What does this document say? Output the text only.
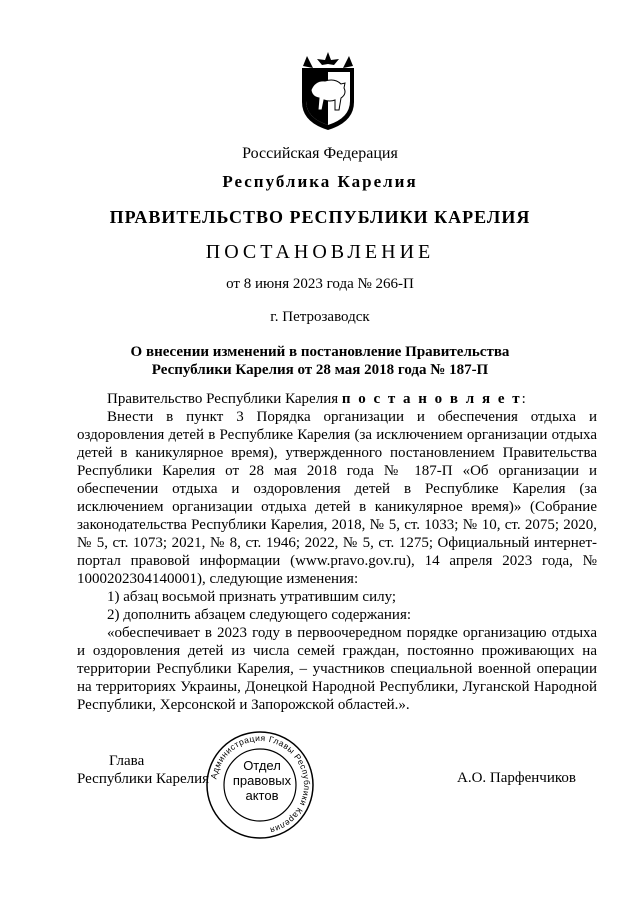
Российская Федерация
Республика Карелия
ПРАВИТЕЛЬСТВО РЕСПУБЛИКИ КАРЕЛИЯ
ПОСТАНОВЛЕНИЕ
от 8 июня 2023 года № 266-П
г. Петрозаводск
О внесении изменений в постановление Правительства
Республики Карелия от 28 мая 2018 года № 187-П

Правительство Республики Карелия п о с т а н о в л я е т:

Внести в пункт 3 Порядка организации и обеспечения отдыха и оздоровления детей в Республике Карелия (за исключением организации отдыха детей в каникулярное время), утвержденного постановлением Правительства Республики Карелия от 28 мая 2018 года № 187-П «Об организации и обеспечении отдыха и оздоровления детей в Республике Карелия (за исключением организации отдыха детей в каникулярное время)» (Собрание законодательства Республики Карелия, 2018, № 5, ст. 1033; № 10, ст. 2075; 2020, № 5, ст. 1073; 2021, № 8, ст. 1946; 2022, № 5, ст. 1275; Официальный интернет-портал правовой информации (www.pravo.gov.ru), 14 апреля 2023 года, № 1000202304140001), следующие изменения:

1) абзац восьмой признать утратившим силу;

2) дополнить абзацем следующего содержания:

«обеспечивает в 2023 году в первоочередном порядке организацию отдыха и оздоровления детей из числа семей граждан, постоянно проживающих на территории Республики Карелия, – участников специальной военной операции на территориях Украины, Донецкой Народной Республики, Луганской Народной Республики, Херсонской и Запорожской областей.».

Глава
Республики Карелия	А.О. Парфенчиков
Администрация Главы Республики Карелия
Отдел
правовых
актов
